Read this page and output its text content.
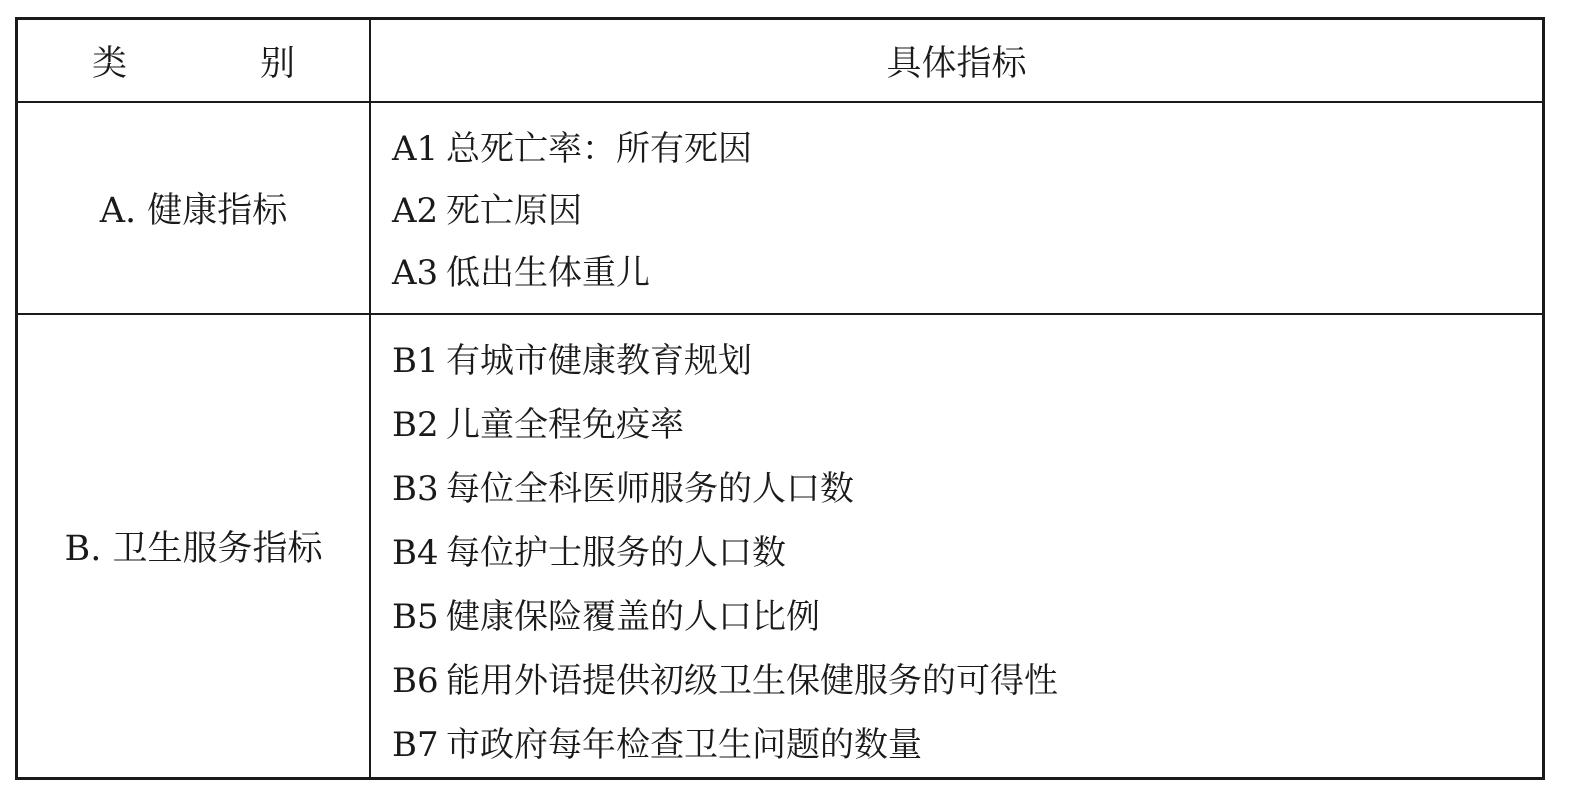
类　别	具体指标
A. 健康指标
A1 总死亡率：所有死因
A2 死亡原因
A3 低出生体重儿
B. 卫生服务指标
B1 有城市健康教育规划
B2 儿童全程免疫率
B3 每位全科医师服务的人口数
B4 每位护士服务的人口数
B5 健康保险覆盖的人口比例
B6 能用外语提供初级卫生保健服务的可得性
B7 市政府每年检查卫生问题的数量
